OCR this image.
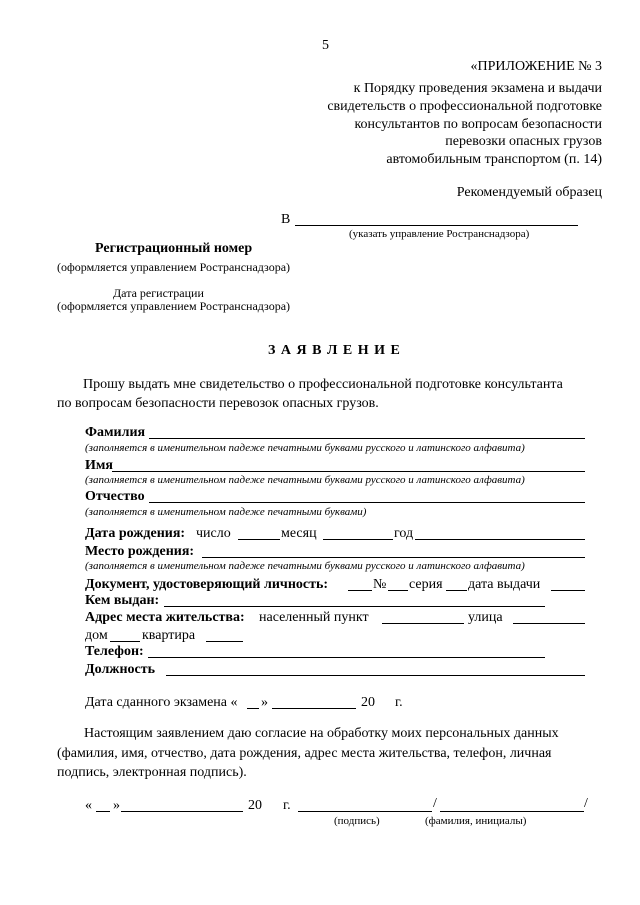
5
«ПРИЛОЖЕНИЕ № 3
к Порядку проведения экзамена и выдачи
свидетельств о профессиональной подготовке
консультантов по вопросам безопасности
перевозки опасных грузов
автомобильным транспортом (п. 14)
Рекомендуемый образец
В
(указать управление Ространснадзора)
Регистрационный номер
(оформляется управлением Ространснадзора)
Дата регистрации
(оформляется управлением Ространснадзора)
З А Я В Л Е Н И Е
Прошу выдать мне свидетельство о профессиональной подготовке консультанта
по вопросам безопасности перевозок опасных грузов.
Фамилия
(заполняется в именительном падеже печатными буквами русского и латинского алфавита)
Имя
(заполняется в именительном падеже печатными буквами русского и латинского алфавита)
Отчество
(заполняется в именительном падеже печатными буквами)
Дата рождения: число	месяц	год
Место рождения:
(заполняется в именительном падеже печатными буквами русского и латинского алфавита)
Документ, удостоверяющий личность:	№ серия дата выдачи
Кем выдан:
Адрес места жительства: населенный пункт	улица
дом квартира
Телефон:
Должность
Дата сданного экзамена « »	20 г.
Настоящим заявлением даю согласие на обработку моих персональных данных
(фамилия, имя, отчество, дата рождения, адрес места жительства, телефон, личная
подпись, электронная подпись).
« »	20 г.	/	/
(подпись)	(фамилия, инициалы)
